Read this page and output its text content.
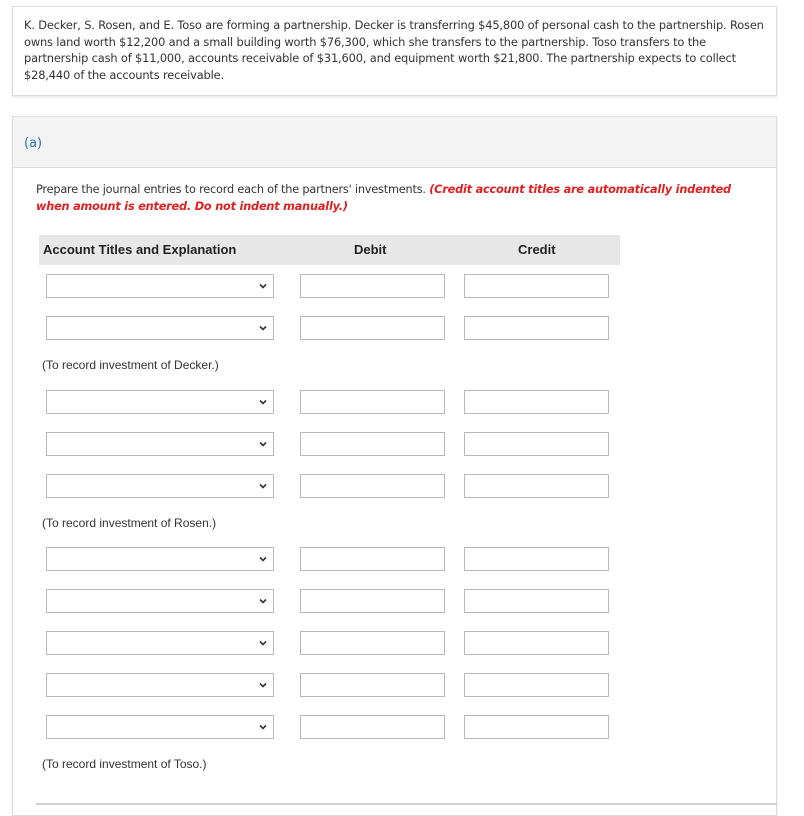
K. Decker, S. Rosen, and E. Toso are forming a partnership. Decker is transferring $45,800 of personal cash to the partnership. Rosen owns land worth $12,200 and a small building worth $76,300, which she transfers to the partnership. Toso transfers to the partnership cash of $11,000, accounts receivable of $31,600, and equipment worth $21,800. The partnership expects to collect $28,440 of the accounts receivable.
(a)
Prepare the journal entries to record each of the partners' investments. (Credit account titles are automatically indented when amount is entered. Do not indent manually.)
Account Titles and Explanation	Debit	Credit
(To record investment of Decker.)
(To record investment of Rosen.)
(To record investment of Toso.)
